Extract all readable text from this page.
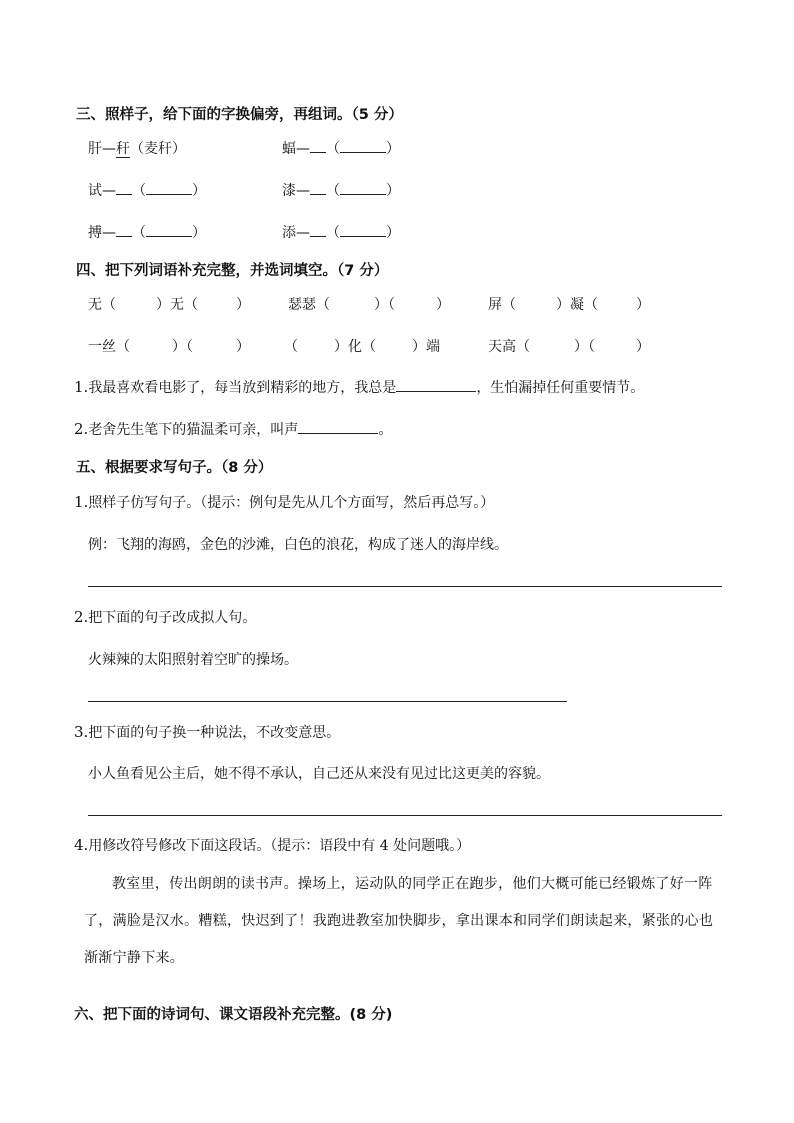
三、照样子，给下面的字换偏旁，再组词。（5 分）
肝—秆（麦秆）	蝠— （	）
试— （	）	漆— （	）
搏— （	）	添— （	）
四、把下列词语补充完整，并选词填空。（7 分）
无（	）无（	）	瑟瑟（	）（	）	屏（	）凝（	）
一丝（	）（	） （	）化（	）端	天高（	）（	）
1.我最喜欢看电影了，每当放到精彩的地方，我总是	，生怕漏掉任何重要情节。
2.老舍先生笔下的猫温柔可亲，叫声	。
五、根据要求写句子。（8 分）
1.照样子仿写句子。（提示：例句是先从几个方面写，然后再总写。）
例：飞翔的海鸥，金色的沙滩，白色的浪花，构成了迷人的海岸线。
2.把下面的句子改成拟人句。
火辣辣的太阳照射着空旷的操场。
3.把下面的句子换一种说法，不改变意思。
小人鱼看见公主后，她不得不承认，自己还从来没有见过比这更美的容貌。
4.用修改符号修改下面这段话。（提示：语段中有 4 处问题哦。）
教室里，传出朗朗的读书声。操场上，运动队的同学正在跑步，他们大概可能已经锻炼了好一阵了，满脸是汉水。糟糕，快迟到了！我跑进教室加快脚步，拿出课本和同学们朗读起来，紧张的心也渐渐宁静下来。
六、把下面的诗词句、课文语段补充完整。(8 分)
